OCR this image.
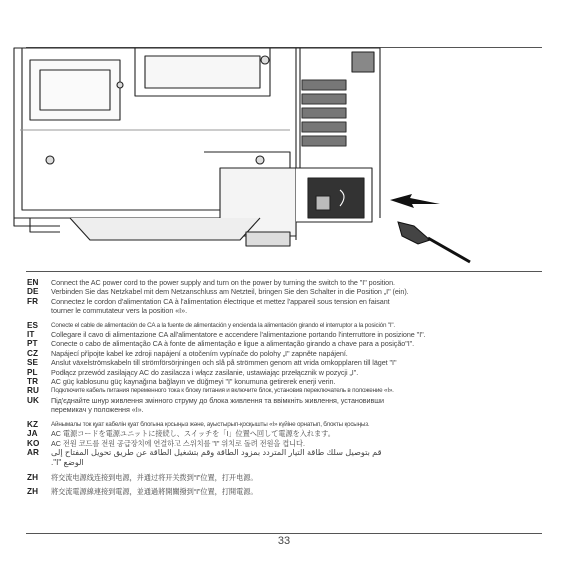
EN	Connect the AC power cord to the power supply and turn on the power by turning the switch to the "I" position.
DE	Verbinden Sie das Netzkabel mit dem Netzanschluss am Netzteil, bringen Sie den Schalter in die Position „I" (ein).
FR	Connectez le cordon d'alimentation CA à l'alimentation électrique et mettez l'appareil sous tension en faisant
tourner le commutateur vers la position «I».
ES	Conecte el cable de alimentación de CA a la fuente de alimentación y encienda la alimentación girando el interruptor a la posición "I".
IT	Collegare il cavo di alimentazione CA all'alimentatore e accendere l'alimentazione portando l'interruttore in posizione "I".
PT	Conecte o cabo de alimentação CA à fonte de alimentação e ligue a alimentação girando a chave para a posição"I".
CZ	Napájecí přípojte kabel ke zdroji napájení a otočením vypínače do polohy „I" zapněte napájení.
SE	Anslut växelströmskabeln till strömförsörjningen och slå på strömmen genom att vrida omkopplaren till läget "I"
PL	Podłącz przewód zasilający AC do zasilacza i włącz zasilanie, ustawiając przełącznik w pozycji „I".
TR	AC güç kablosunu güç kaynağına bağlayın ve düğmeyi "I" konumuna getirerek enerji verin.
RU	Подключите кабель питания переменного тока к блоку питания и включите блок, установив переключатель в положение «I».
UK	Під'єднайте шнур живлення змінного струму до блока живлення та ввімкніть живлення, установивши
перемикач у положення «I».
KZ	Айнымалы ток қуат кабелін қуат блогына қосыңыз және, ауыстырып-қосқышты «I» күйіне орнатып, блокты қосыңыз.
JA	AC 電源コードを電源ユニットに接続し、スイッチを「I」位置へ回して電源を入れます。
KO	AC 전원 코드를 전원 공급장치에 연결하고 스위치를 "I" 위치로 돌려 전원을 켭니다.
AR	قم بتوصيل سلك طاقة التيار المتردد بمزود الطاقة وقم بتشغيل الطاقة عن طريق تحويل المفتاح إلى
الوضع "I".
ZH	将交流电源线连接到电源，并通过将开关拨到“I”位置，打开电源。
ZH	將交流電源線連接到電源，並通過將開關撥到“I”位置，打開電源。
33
